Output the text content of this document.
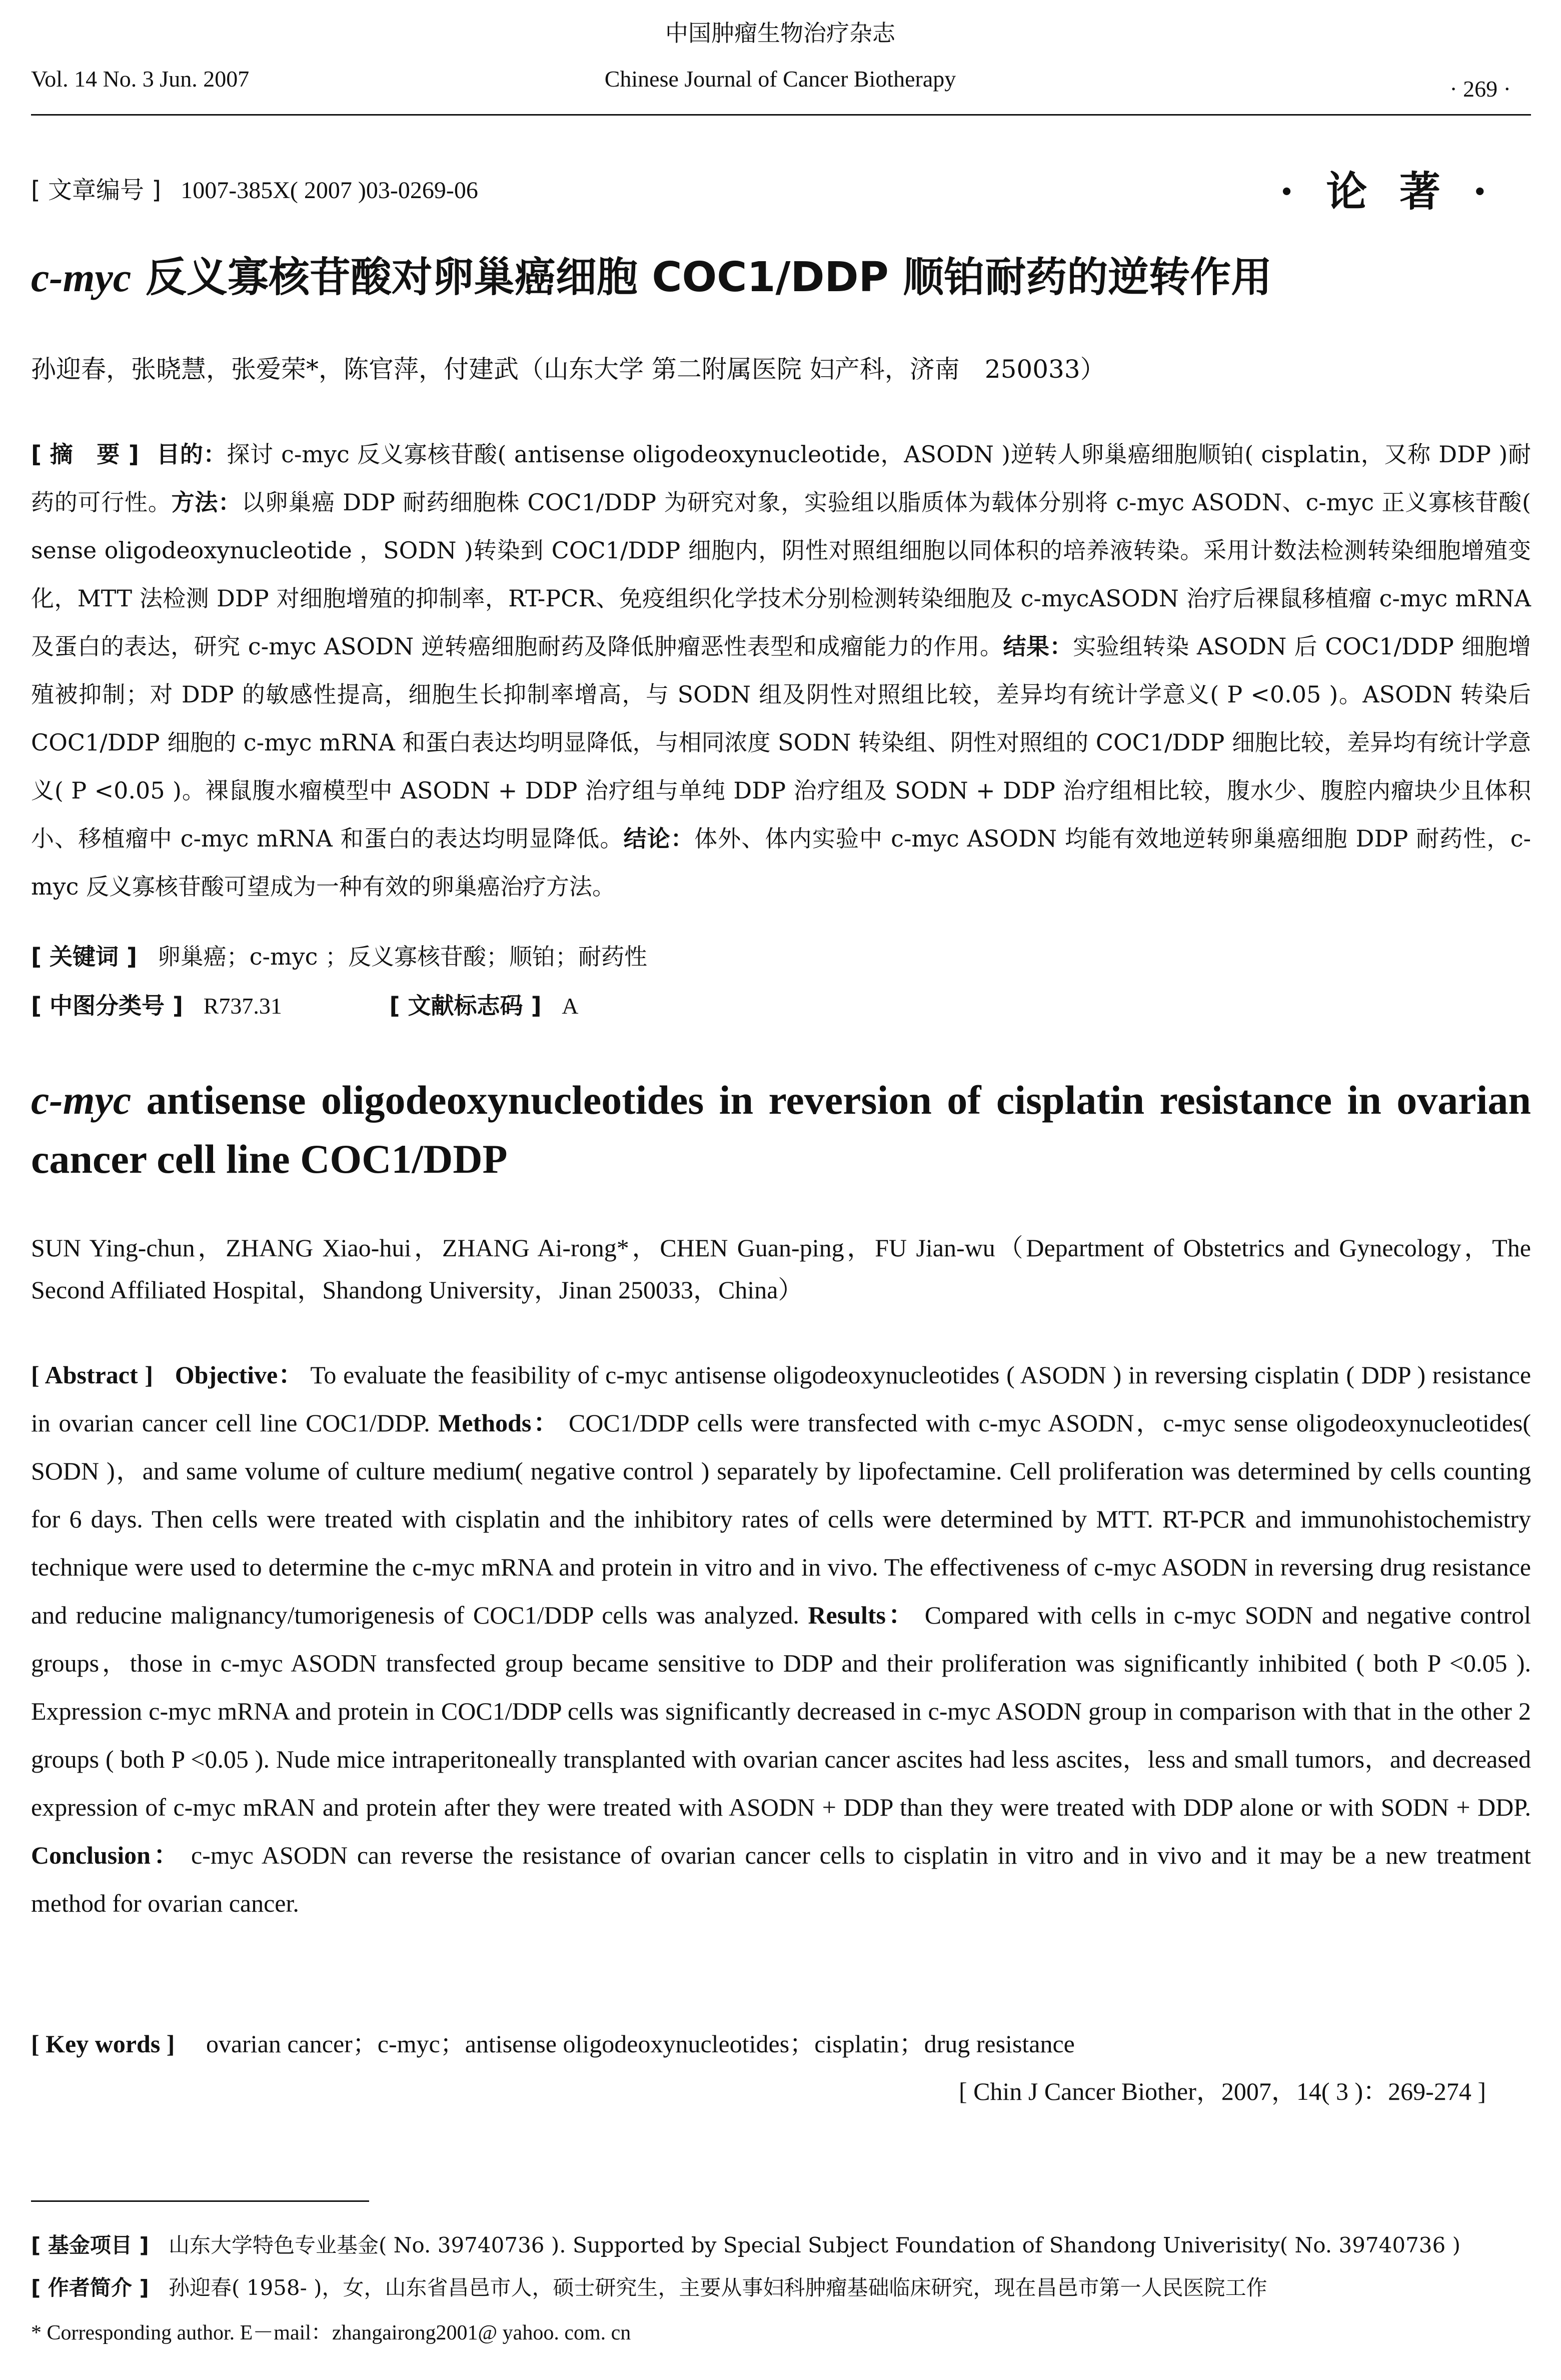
中国肿瘤生物治疗杂志
Vol. 14 No. 3 Jun. 2007	Chinese Journal of Cancer Biotherapy	· 269 ·
[ 文章编号 ] 1007-385X( 2007 )03-0269-06	· 论 著 ·
c-myc 反义寡核苷酸对卵巢癌细胞 COC1/DDP 顺铂耐药的逆转作用
孙迎春，张晓慧，张爱荣*，陈官萍，付建武（山东大学 第二附属医院 妇产科，济南　250033）
[ 摘　要 ] 目的：探讨 c-myc 反义寡核苷酸( antisense oligodeoxynucleotide，ASODN )逆转人卵巢癌细胞顺铂( cisplatin，又称 DDP )耐药的可行性。方法：以卵巢癌 DDP 耐药细胞株 COC1/DDP 为研究对象，实验组以脂质体为载体分别将 c-myc ASODN、c-myc 正义寡核苷酸( sense oligodeoxynucleotide ，SODN )转染到 COC1/DDP 细胞内，阴性对照组细胞以同体积的培养液转染。采用计数法检测转染细胞增殖变化，MTT 法检测 DDP 对细胞增殖的抑制率，RT-PCR、免疫组织化学技术分别检测转染细胞及 c-mycASODN 治疗后裸鼠移植瘤 c-myc mRNA 及蛋白的表达，研究 c-myc ASODN 逆转癌细胞耐药及降低肿瘤恶性表型和成瘤能力的作用。结果：实验组转染 ASODN 后 COC1/DDP 细胞增殖被抑制；对 DDP 的敏感性提高，细胞生长抑制率增高，与 SODN 组及阴性对照组比较，差异均有统计学意义( P <0.05 )。ASODN 转染后 COC1/DDP 细胞的 c-myc mRNA 和蛋白表达均明显降低，与相同浓度 SODN 转染组、阴性对照组的 COC1/DDP 细胞比较，差异均有统计学意义( P <0.05 )。裸鼠腹水瘤模型中 ASODN + DDP 治疗组与单纯 DDP 治疗组及 SODN + DDP 治疗组相比较，腹水少、腹腔内瘤块少且体积小、移植瘤中 c-myc mRNA 和蛋白的表达均明显降低。结论：体外、体内实验中 c-myc ASODN 均能有效地逆转卵巢癌细胞 DDP 耐药性，c-myc 反义寡核苷酸可望成为一种有效的卵巢癌治疗方法。
[ 关键词 ] 卵巢癌；c-myc ；反义寡核苷酸；顺铂；耐药性
[ 中图分类号 ] R737.31	[ 文献标志码 ] A
c-myc antisense oligodeoxynucleotides in reversion of cisplatin resistance in ovarian cancer cell line COC1/DDP
SUN Ying-chun，ZHANG Xiao-hui，ZHANG Ai-rong*，CHEN Guan-ping，FU Jian-wu（Department of Obstetrics and Gynecology，The Second Affiliated Hospital，Shandong University，Jinan 250033，China）
[ Abstract ] Objective： To evaluate the feasibility of c-myc antisense oligodeoxynucleotides ( ASODN ) in reversing cisplatin ( DDP ) resistance in ovarian cancer cell line COC1/DDP. Methods： COC1/DDP cells were transfected with c-myc ASODN，c-myc sense oligodeoxynucleotides( SODN )，and same volume of culture medium( negative control ) separately by lipofectamine. Cell proliferation was determined by cells counting for 6 days. Then cells were treated with cisplatin and the inhibitory rates of cells were determined by MTT. RT-PCR and immunohistochemistry technique were used to determine the c-myc mRNA and protein in vitro and in vivo. The effectiveness of c-myc ASODN in reversing drug resistance and reducine malignancy/tumorigenesis of COC1/DDP cells was analyzed. Results： Compared with cells in c-myc SODN and negative control groups，those in c-myc ASODN transfected group became sensitive to DDP and their proliferation was significantly inhibited ( both P <0.05 ). Expression c-myc mRNA and protein in COC1/DDP cells was significantly decreased in c-myc ASODN group in comparison with that in the other 2 groups ( both P <0.05 ). Nude mice intraperitoneally transplanted with ovarian cancer ascites had less ascites，less and small tumors，and decreased expression of c-myc mRAN and protein after they were treated with ASODN + DDP than they were treated with DDP alone or with SODN + DDP. Conclusion： c-myc ASODN can reverse the resistance of ovarian cancer cells to cisplatin in vitro and in vivo and it may be a new treatment method for ovarian cancer.
[ Key words ] ovarian cancer；c-myc；antisense oligodeoxynucleotides；cisplatin；drug resistance
[ Chin J Cancer Biother，2007，14( 3 )：269-274 ]
[ 基金项目 ] 山东大学特色专业基金( No. 39740736 ). Supported by Special Subject Foundation of Shandong Univerisity( No. 39740736 )
[ 作者简介 ] 孙迎春( 1958- )，女，山东省昌邑市人，硕士研究生，主要从事妇科肿瘤基础临床研究，现在昌邑市第一人民医院工作
* Corresponding author. E－mail：zhangairong2001@ yahoo. com. cn
